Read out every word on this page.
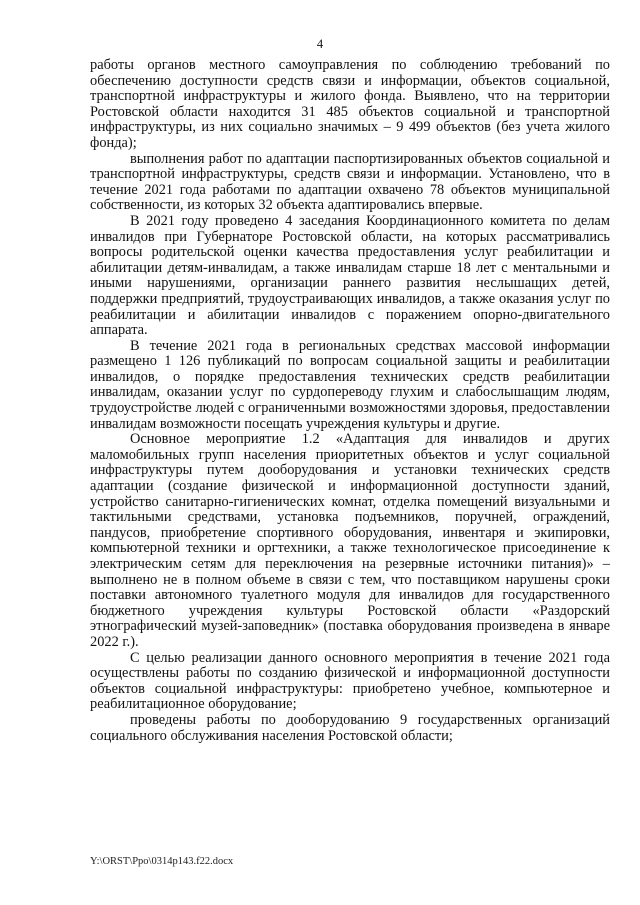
4

работы органов местного самоуправления по соблюдению требований по обеспечению доступности средств связи и информации, объектов социальной, транспортной инфраструктуры и жилого фонда. Выявлено, что на территории Ростовской области находится 31 485 объектов социальной и транспортной инфраструктуры, из них социально значимых – 9 499 объектов (без учета жилого фонда);

выполнения работ по адаптации паспортизированных объектов социальной и транспортной инфраструктуры, средств связи и информации. Установлено, что в течение 2021 года работами по адаптации охвачено 78 объектов муниципальной собственности, из которых 32 объекта адаптировались впервые.

В 2021 году проведено 4 заседания Координационного комитета по делам инвалидов при Губернаторе Ростовской области, на которых рассматривались вопросы родительской оценки качества предоставления услуг реабилитации и абилитации детям-инвалидам, а также инвалидам старше 18 лет с ментальными и иными нарушениями, организации раннего развития неслышащих детей, поддержки предприятий, трудоустраивающих инвалидов, а также оказания услуг по реабилитации и абилитации инвалидов с поражением опорно-двигательного аппарата.

В течение 2021 года в региональных средствах массовой информации размещено 1 126 публикаций по вопросам социальной защиты и реабилитации инвалидов, о порядке предоставления технических средств реабилитации инвалидам, оказании услуг по сурдопереводу глухим и слабослышащим людям, трудоустройстве людей с ограниченными возможностями здоровья, предоставлении инвалидам возможности посещать учреждения культуры и другие.

Основное мероприятие 1.2 «Адаптация для инвалидов и других маломобильных групп населения приоритетных объектов и услуг социальной инфраструктуры путем дооборудования и установки технических средств адаптации (создание физической и информационной доступности зданий, устройство санитарно-гигиенических комнат, отделка помещений визуальными и тактильными средствами, установка подъемников, поручней, ограждений, пандусов, приобретение спортивного оборудования, инвентаря и экипировки, компьютерной техники и оргтехники, а также технологическое присоединение к электрическим сетям для переключения на резервные источники питания)» – выполнено не в полном объеме в связи с тем, что поставщиком нарушены сроки поставки автономного туалетного модуля для инвалидов для государственного бюджетного учреждения культуры Ростовской области «Раздорский этнографический музей-заповедник» (поставка оборудования произведена в январе 2022 г.).

С целью реализации данного основного мероприятия в течение 2021 года осуществлены работы по созданию физической и информационной доступности объектов социальной инфраструктуры: приобретено учебное, компьютерное и реабилитационное оборудование;

проведены работы по дооборудованию 9 государственных организаций социального обслуживания населения Ростовской области;

Y:\ORST\Ppo\0314p143.f22.docx
